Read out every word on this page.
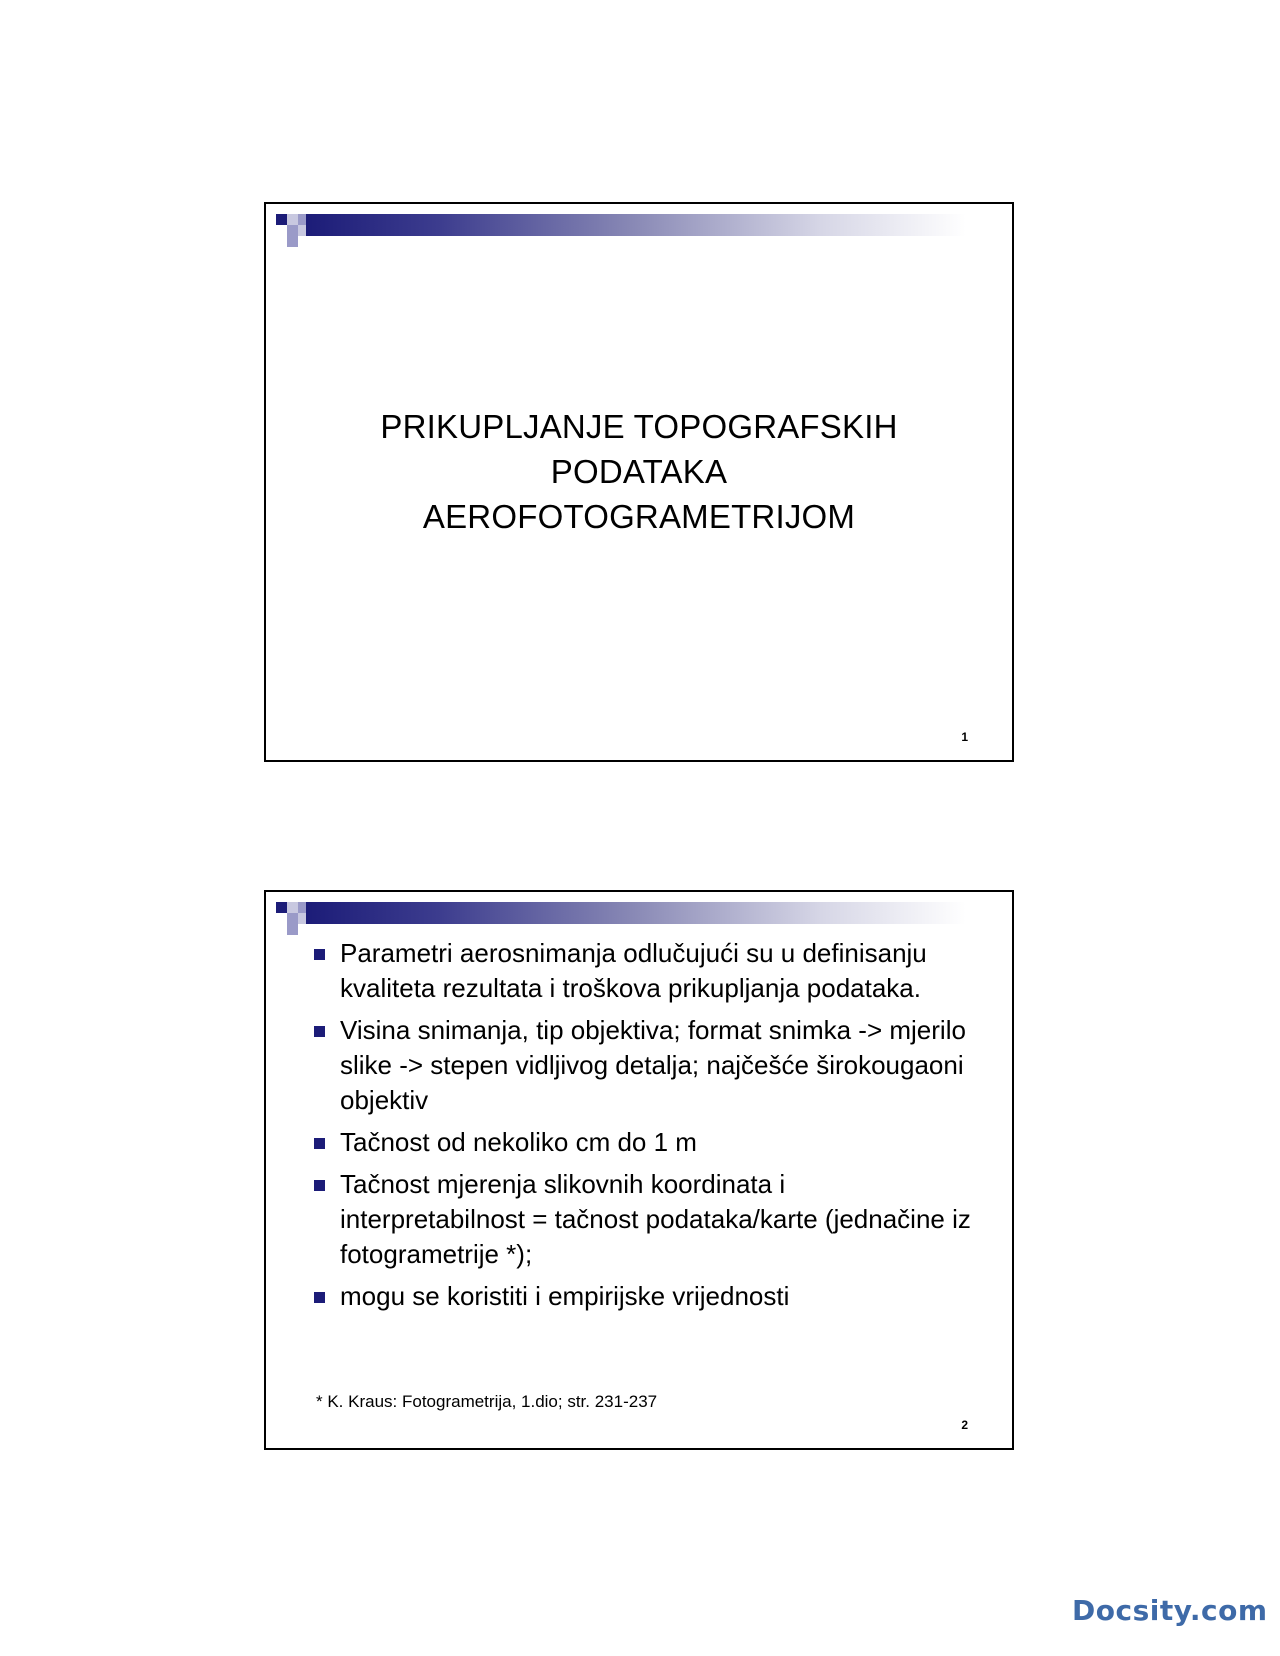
PRIKUPLJANJE TOPOGRAFSKIH
PODATAKA
AEROFOTOGRAMETRIJOM
1
Parametri aerosnimanja odlučujući su u definisanju kvaliteta rezultata i troškova prikupljanja podataka.
Visina snimanja, tip objektiva; format snimka -> mjerilo slike -> stepen vidljivog detalja; najčešće širokougaoni objektiv
Tačnost od nekoliko cm do 1 m
Tačnost mjerenja slikovnih koordinata i interpretabilnost = tačnost podataka/karte (jednačine iz fotogrametrije *);
mogu se koristiti i empirijske vrijednosti
* K. Kraus: Fotogrametrija, 1.dio; str. 231-237
2
Docsity.com
